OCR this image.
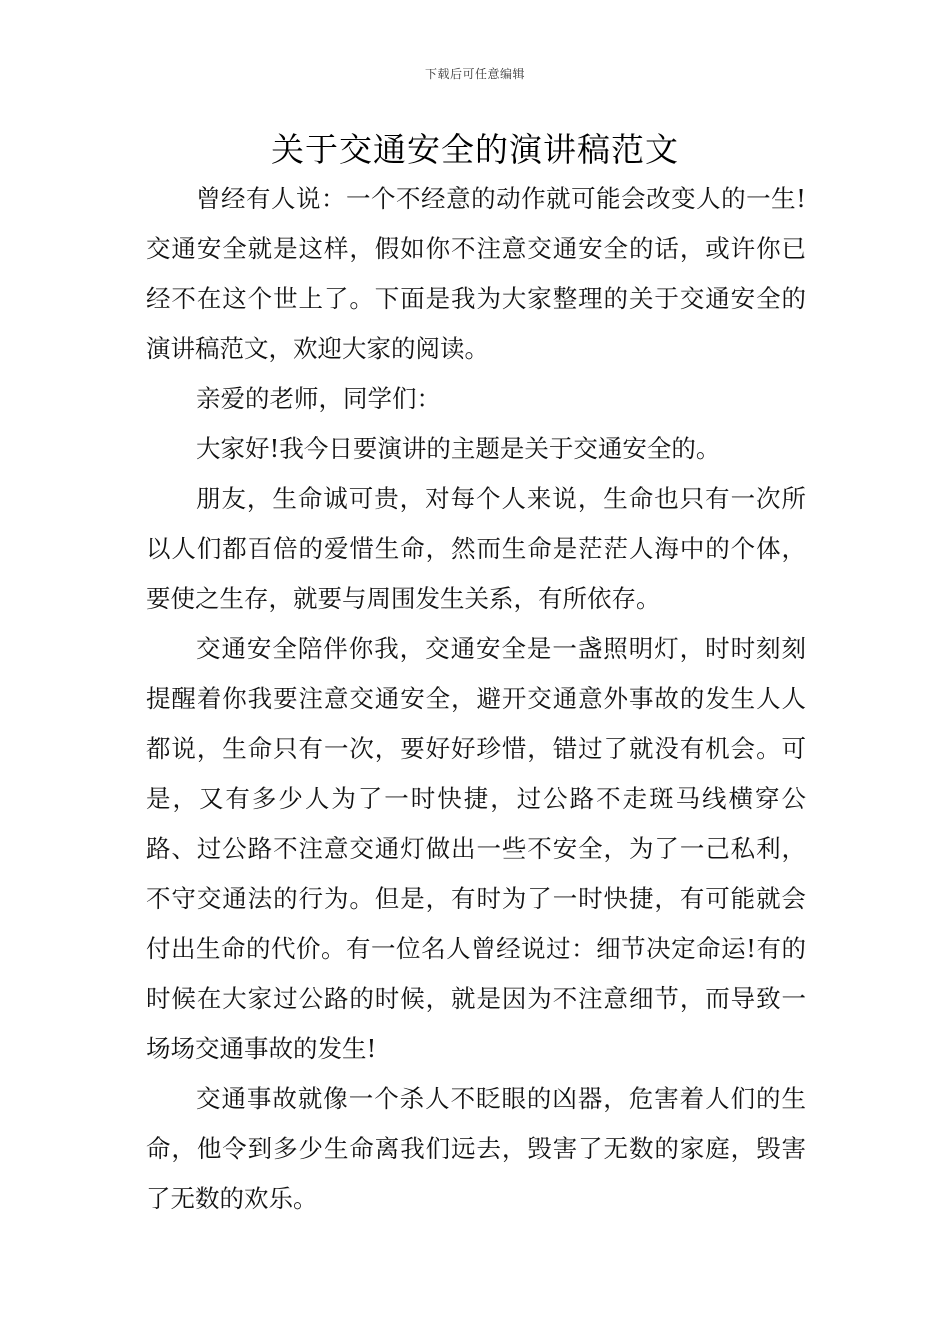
下载后可任意编辑
关于交通安全的演讲稿范文

曾经有人说：一个不经意的动作就可能会改变人的一生!交通安全就是这样，假如你不注意交通安全的话，或许你已经不在这个世上了。下面是我为大家整理的关于交通安全的演讲稿范文，欢迎大家的阅读。

亲爱的老师，同学们：

大家好!我今日要演讲的主题是关于交通安全的。

朋友，生命诚可贵，对每个人来说，生命也只有一次所以人们都百倍的爱惜生命，然而生命是茫茫人海中的个体，要使之生存，就要与周围发生关系，有所依存。

交通安全陪伴你我，交通安全是一盏照明灯，时时刻刻提醒着你我要注意交通安全，避开交通意外事故的发生人人都说，生命只有一次，要好好珍惜，错过了就没有机会。可是，又有多少人为了一时快捷，过公路不走斑马线横穿公路、过公路不注意交通灯做出一些不安全，为了一己私利，不守交通法的行为。但是，有时为了一时快捷，有可能就会付出生命的代价。有一位名人曾经说过：细节决定命运!有的时候在大家过公路的时候，就是因为不注意细节，而导致一场场交通事故的发生!

交通事故就像一个杀人不眨眼的凶器，危害着人们的生命，他令到多少生命离我们远去，毁害了无数的家庭，毁害了无数的欢乐。
